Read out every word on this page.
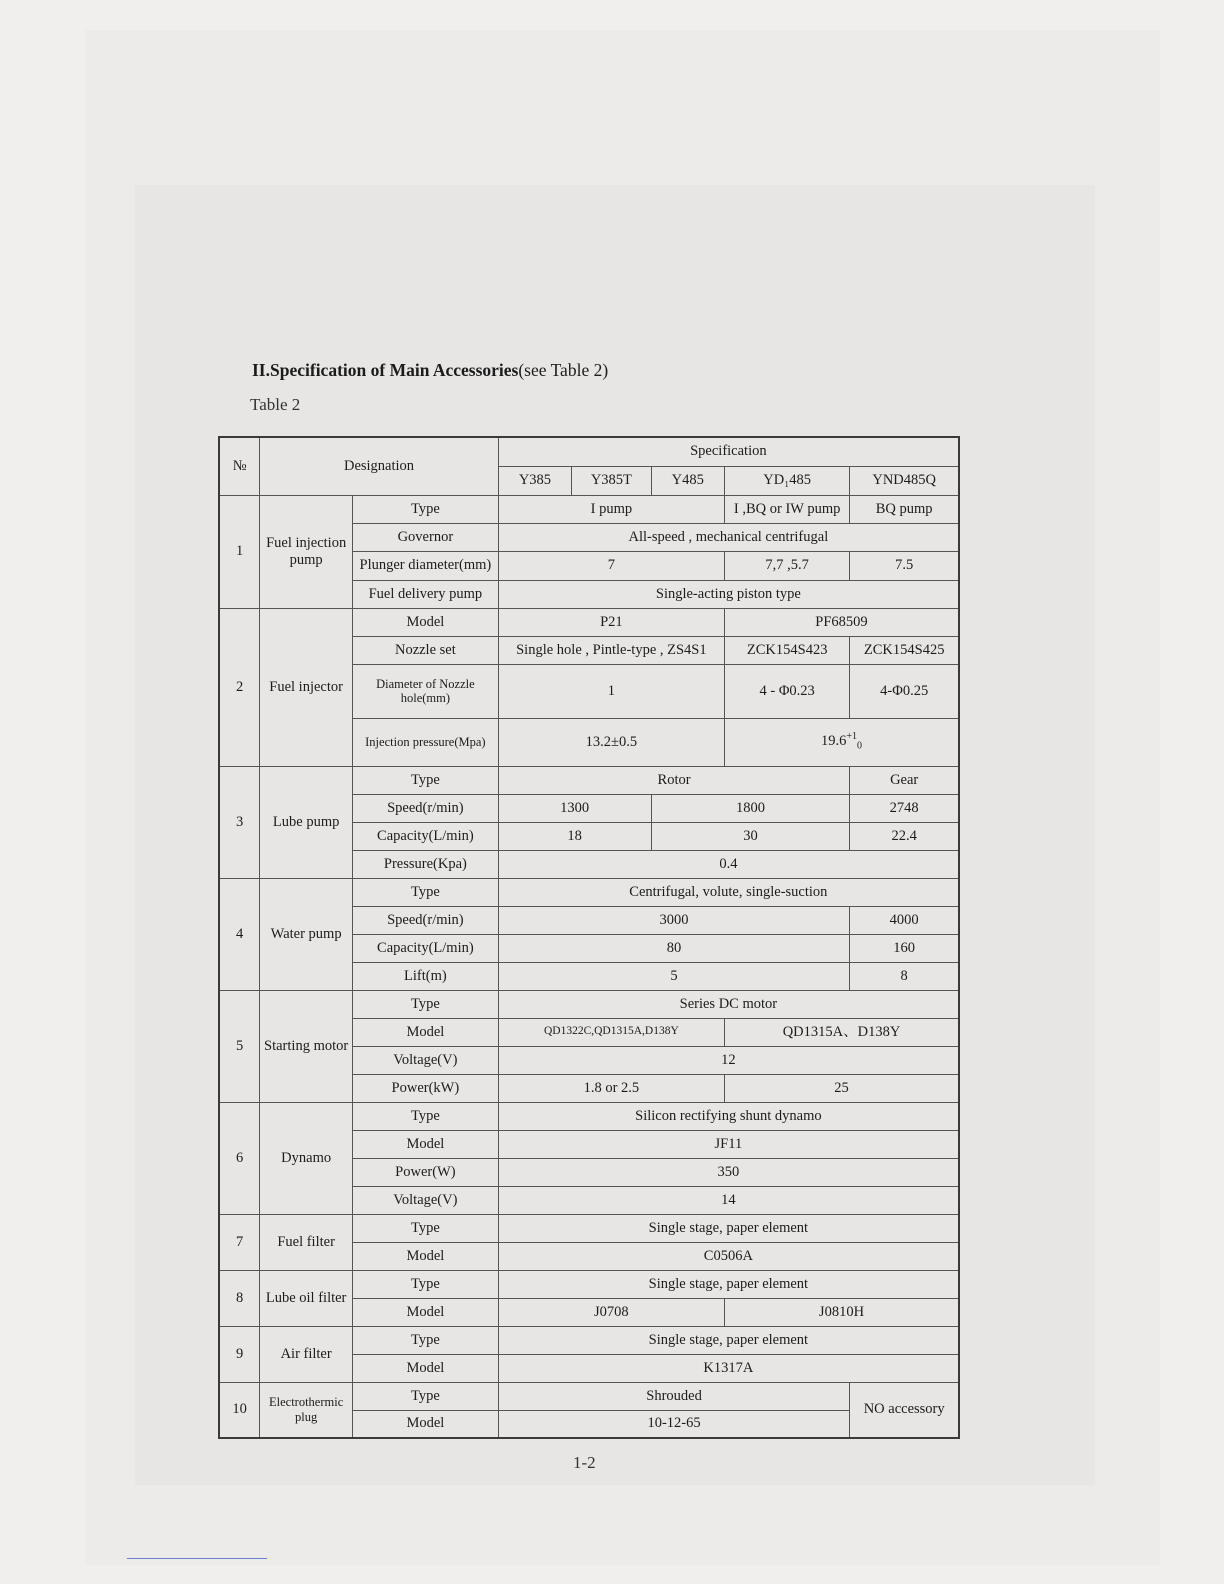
II.Specification of Main Accessories(see Table 2)
Table 2
№	Designation		Specification				
			Y385	Y385T	Y485	YD₁485	YND485Q
1	Fuel injection pump	Type	I pump			I ,BQ or IW pump	BQ pump
		Governor	All-speed , mechanical centrifugal				
		Plunger diameter(mm)	7			7,7 ,5.7	7.5
		Fuel delivery pump	Single-acting piston type				
2	Fuel injector	Model	P21			PF68509	
		Nozzle set	Single hole , Pintle-type , ZS4S1			ZCK154S423	ZCK154S425
		Diameter of Nozzle hole(mm)	1			4 - Φ0.23	4-Φ0.25
		Injection pressure(Mpa)	13.2±0.5			$19.6^{+1}_0$
3	Lube pump	Type	Rotor				Gear
		Speed(r/min)	1300		1800		2748
		Capacity(L/min)	18		30		22.4
		Pressure(Kpa)	0.4				
4	Water pump	Type	Centrifugal, volute, single-suction				
		Speed(r/min)	3000				4000
		Capacity(L/min)	80				160
		Lift(m)	5				8
5	Starting motor	Type	Series DC motor				
		Model	QD1322C,QD1315A,D138Y			QD1315A、D138Y	
		Voltage(V)	12				
		Power(kW)	1.8 or 2.5			25	
6	Dynamo	Type	Silicon rectifying shunt dynamo				
		Model	JF11				
		Power(W)	350				
		Voltage(V)	14				
7	Fuel filter	Type	Single stage, paper element				
		Model	C0506A				
8	Lube oil filter	Type	Single stage, paper element				
		Model	J0708			J0810H	
9	Air filter	Type	Single stage, paper element				
		Model	K1317A				
10	Electrothermic plug	Type	Shrouded				NO accessory
		Model	10-12-65				
1-2
